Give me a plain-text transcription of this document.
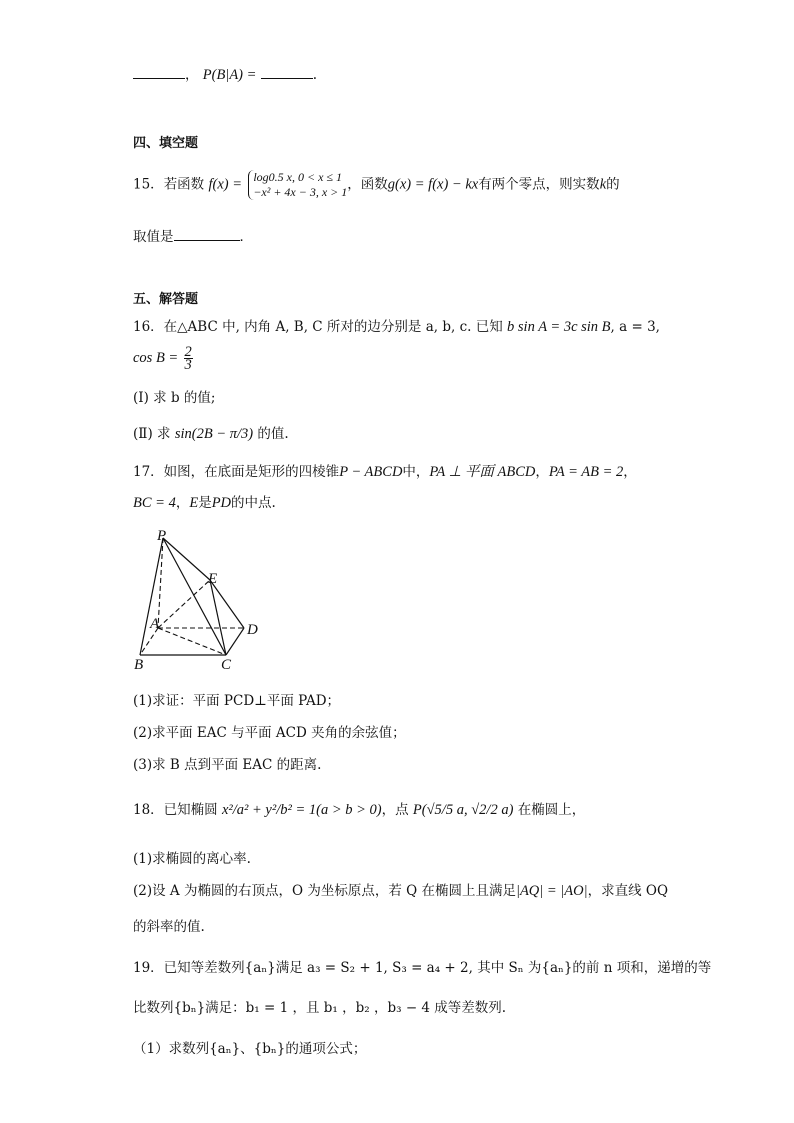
， P(B|A) =	.
四、填空题
15．若函数 f(x) = log0.5 x, 0 < x ≤ 1
−x² + 4x − 3, x > 1 ，函数g(x) = f(x) − kx有两个零点，则实数k的
取值是	．
五、解答题
16．在△ABC 中, 内角 A, B, C 所对的边分别是 a, b, c. 已知 b sin A = 3c sin B, a = 3,
$\cos B = \frac{2}{3}$
(Ⅰ) 求 b 的值;
(Ⅱ) 求 sin(2B − π/3) 的值.
17．如图，在底面是矩形的四棱锥P − ABCD中，PA ⊥ 平面 ABCD，PA = AB = 2，
BC = 4，E是PD的中点.
P
E
A	D
B	C
(1)求证：平面 PCD⊥平面 PAD；
(2)求平面 EAC 与平面 ACD 夹角的余弦值；
(3)求 B 点到平面 EAC 的距离.
18．已知椭圆 x²/a² + y²/b² = 1(a > b > 0)，点 P(√5/5 a, √2/2 a) 在椭圆上，
(1)求椭圆的离心率.
(2)设 A 为椭圆的右顶点，O 为坐标原点，若 Q 在椭圆上且满足|AQ| = |AO|，求直线 OQ
的斜率的值.
19．已知等差数列{aₙ}满足 a₃ = S₂ + 1, S₃ = a₄ + 2, 其中 Sₙ 为{aₙ}的前 n 项和，递增的等
比数列{bₙ}满足：b₁ = 1 ，且 b₁ ，b₂ ，b₃ − 4 成等差数列.
（1）求数列{aₙ}、{bₙ}的通项公式；
